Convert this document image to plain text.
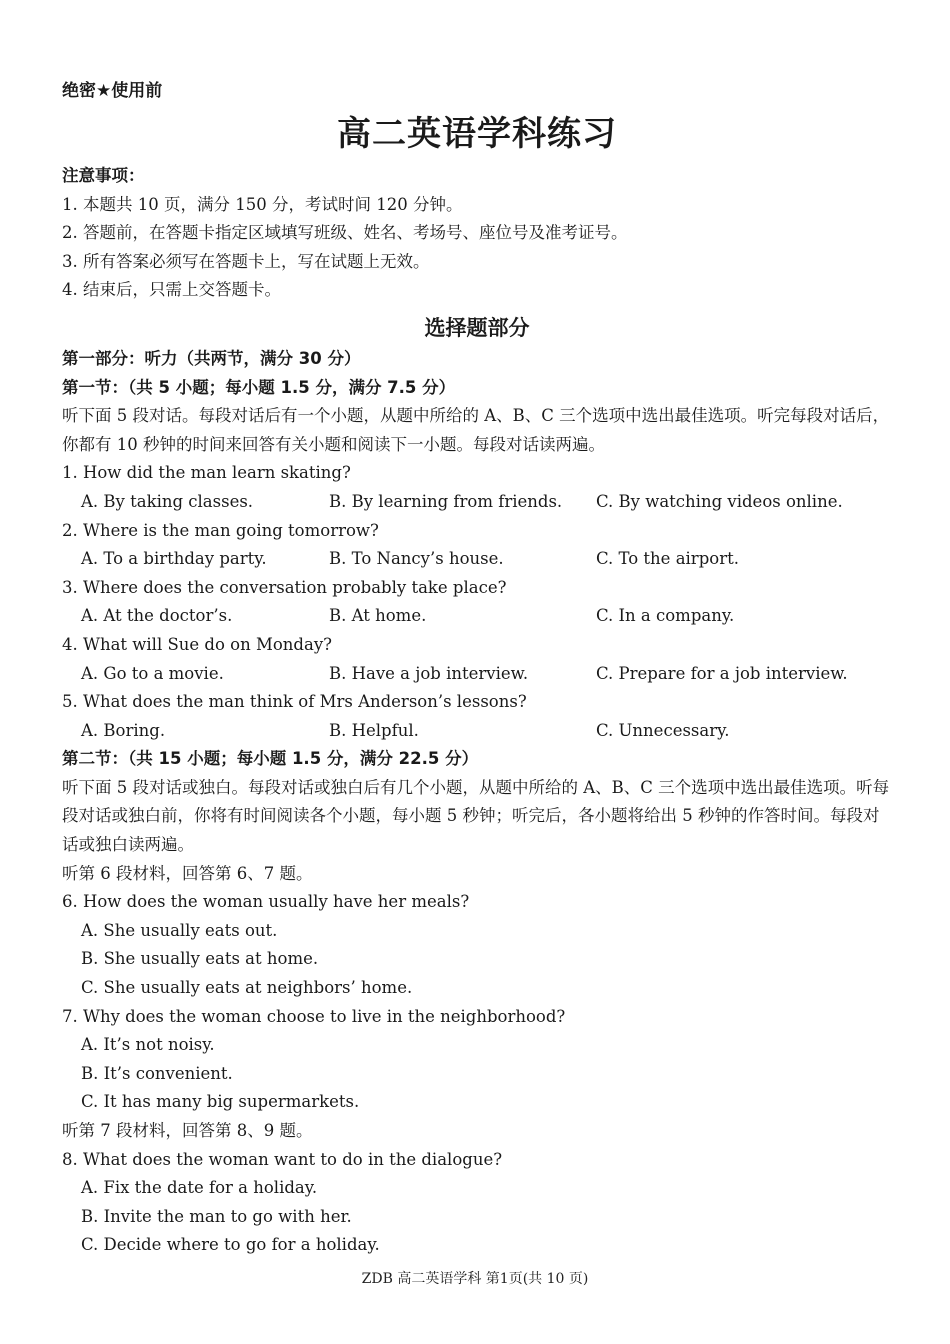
绝密★使用前
高二英语学科练习
注意事项：
1. 本题共 10 页，满分 150 分，考试时间 120 分钟。
2. 答题前，在答题卡指定区域填写班级、姓名、考场号、座位号及准考证号。
3. 所有答案必须写在答题卡上，写在试题上无效。
4. 结束后，只需上交答题卡。
选择题部分
第一部分：听力（共两节，满分 30 分）
第一节：（共 5 小题；每小题 1.5 分，满分 7.5 分）
听下面 5 段对话。每段对话后有一个小题，从题中所给的 A、B、C 三个选项中选出最佳选项。听完每段对话后，你都有 10 秒钟的时间来回答有关小题和阅读下一小题。每段对话读两遍。
1. How did the man learn skating?
A. By taking classes.	B. By learning from friends. C. By watching videos online.
2. Where is the man going tomorrow?
A. To a birthday party.	B. To Nancy’s house.	C. To the airport.
3. Where does the conversation probably take place?
A. At the doctor’s.	B. At home.	C. In a company.
4. What will Sue do on Monday?
A. Go to a movie.	B. Have a job interview.	C. Prepare for a job interview.
5. What does the man think of Mrs Anderson’s lessons?
A. Boring.	B. Helpful.	C. Unnecessary.
第二节：（共 15 小题；每小题 1.5 分，满分 22.5 分）
听下面 5 段对话或独白。每段对话或独白后有几个小题，从题中所给的 A、B、C 三个选项中选出最佳选项。听每段对话或独白前，你将有时间阅读各个小题，每小题 5 秒钟；听完后，各小题将给出 5 秒钟的作答时间。每段对话或独白读两遍。
听第 6 段材料，回答第 6、7 题。
6. How does the woman usually have her meals?
A. She usually eats out.
B. She usually eats at home.
C. She usually eats at neighbors’ home.
7. Why does the woman choose to live in the neighborhood?
A. It’s not noisy.
B. It’s convenient.
C. It has many big supermarkets.
听第 7 段材料，回答第 8、9 题。
8. What does the woman want to do in the dialogue?
A. Fix the date for a holiday.
B. Invite the man to go with her.
C. Decide where to go for a holiday.
ZDB 高二英语学科 第1页(共 10 页)
